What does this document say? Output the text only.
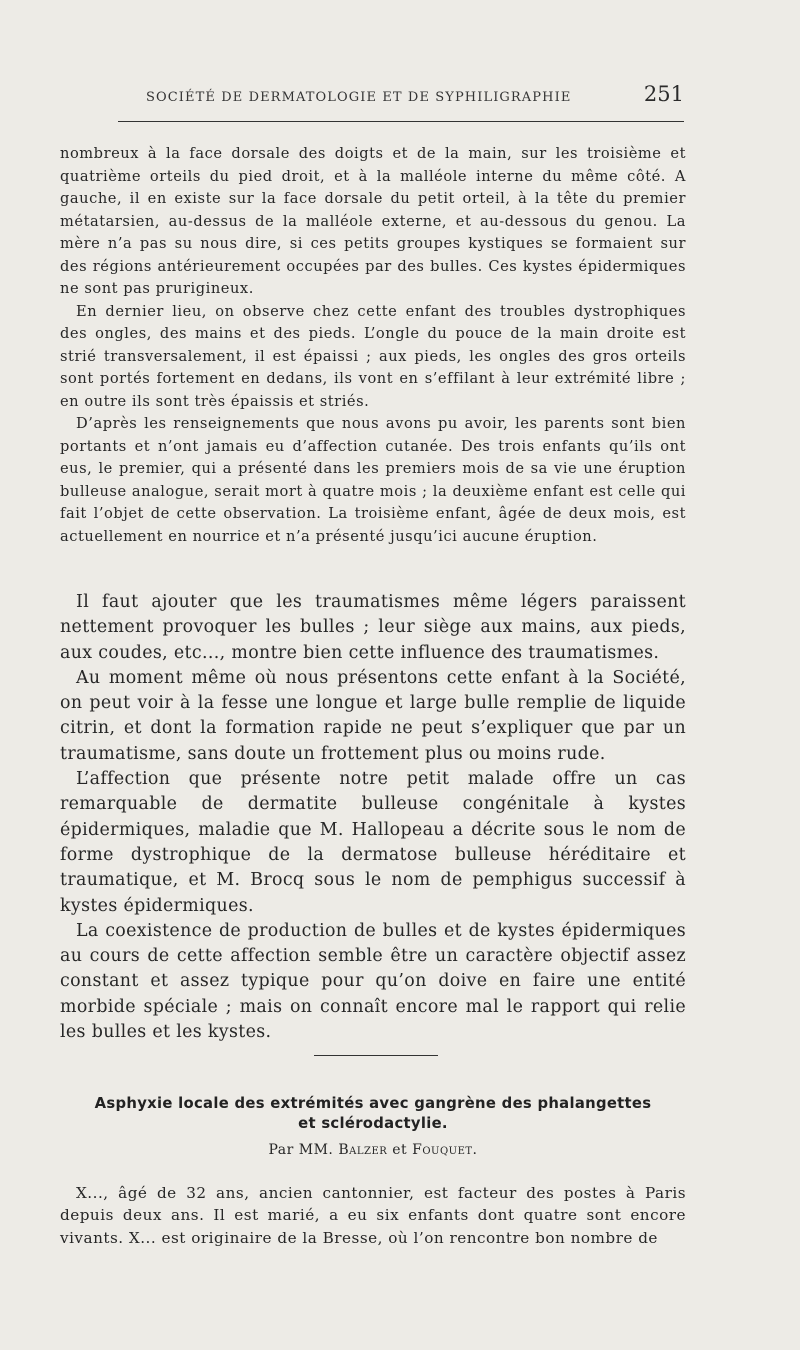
SOCIÉTÉ DE DERMATOLOGIE ET DE SYPHILIGRAPHIE	251

nombreux à la face dorsale des doigts et de la main, sur les troisième et quatrième orteils du pied droit, et à la malléole interne du même côté. A gauche, il en existe sur la face dorsale du petit orteil, à la tête du premier métatarsien, au-dessus de la malléole externe, et au-dessous du genou. La mère n’a pas su nous dire, si ces petits groupes kystiques se formaient sur des régions antérieurement occupées par des bulles. Ces kystes épidermiques ne sont pas prurigineux.

En dernier lieu, on observe chez cette enfant des troubles dystrophiques des ongles, des mains et des pieds. L’ongle du pouce de la main droite est strié transversalement, il est épaissi ; aux pieds, les ongles des gros orteils sont portés fortement en dedans, ils vont en s’effilant à leur extrémité libre ; en outre ils sont très épaissis et striés.

D’après les renseignements que nous avons pu avoir, les parents sont bien portants et n’ont jamais eu d’affection cutanée. Des trois enfants qu’ils ont eus, le premier, qui a présenté dans les premiers mois de sa vie une éruption bulleuse analogue, serait mort à quatre mois ; la deuxième enfant est celle qui fait l’objet de cette observation. La troisième enfant, âgée de deux mois, est actuellement en nourrice et n’a présenté jusqu’ici aucune éruption.

Il faut ajouter que les traumatismes même légers paraissent nettement provoquer les bulles ; leur siège aux mains, aux pieds, aux coudes, etc..., montre bien cette influence des traumatismes.

Au moment même où nous présentons cette enfant à la Société, on peut voir à la fesse une longue et large bulle remplie de liquide citrin, et dont la formation rapide ne peut s’expliquer que par un traumatisme, sans doute un frottement plus ou moins rude.

L’affection que présente notre petit malade offre un cas remarquable de dermatite bulleuse congénitale à kystes épidermiques, maladie que M. Hallopeau a décrite sous le nom de forme dystrophique de la dermatose bulleuse héréditaire et traumatique, et M. Brocq sous le nom de pemphigus successif à kystes épidermiques.

La coexistence de production de bulles et de kystes épidermiques au cours de cette affection semble être un caractère objectif assez constant et assez typique pour qu’on doive en faire une entité morbide spéciale ; mais on connaît encore mal le rapport qui relie les bulles et les kystes.

Asphyxie locale des extrémités avec gangrène des phalangettes
et sclérodactylie.
Par MM. Balzer et Fouquet.

X..., âgé de 32 ans, ancien cantonnier, est facteur des postes à Paris depuis deux ans. Il est marié, a eu six enfants dont quatre sont encore vivants. X... est originaire de la Bresse, où l’on rencontre bon nombre de
